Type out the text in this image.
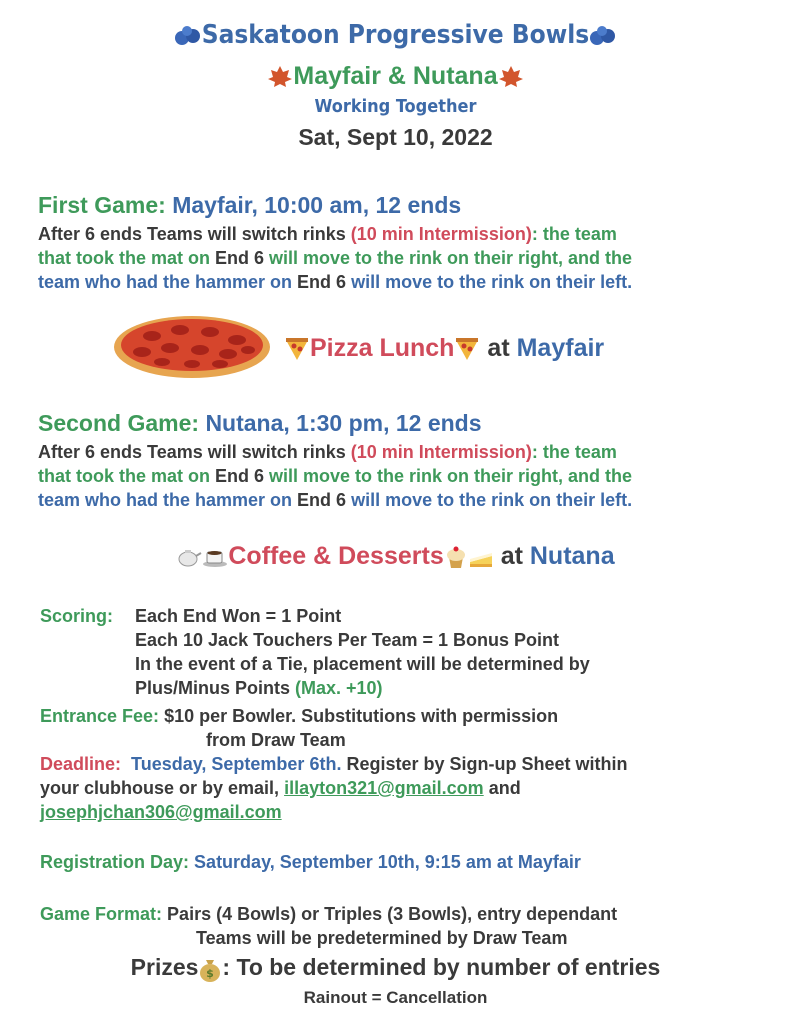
Saskatoon Progressive Bowls
Mayfair & Nutana
Working Together
Sat, Sept 10, 2022
First Game: Mayfair, 10:00 am, 12 ends
After 6 ends Teams will switch rinks (10 min Intermission): the team
that took the mat on End 6 will move to the rink on their right, and the
team who had the hammer on End 6 will move to the rink on their left.
Pizza Lunch at Mayfair
Second Game: Nutana, 1:30 pm, 12 ends
After 6 ends Teams will switch rinks (10 min Intermission): the team
that took the mat on End 6 will move to the rink on their right, and the
team who had the hammer on End 6 will move to the rink on their left.
Coffee & Desserts at Nutana
Scoring:	Each End Won = 1 Point
Each 10 Jack Touchers Per Team = 1 Bonus Point
In the event of a Tie, placement will be determined by
Plus/Minus Points (Max. +10)
Entrance Fee: $10 per Bowler. Substitutions with permission
from Draw Team
Deadline: Tuesday, September 6th. Register by Sign-up Sheet within
your clubhouse or by email, illayton321@gmail.com and
josephjchan306@gmail.com
Registration Day: Saturday, September 10th, 9:15 am at Mayfair
Game Format: Pairs (4 Bowls) or Triples (3 Bowls), entry dependant
Teams will be predetermined by Draw Team
Prizes $ : To be determined by number of entries
Rainout = Cancellation
